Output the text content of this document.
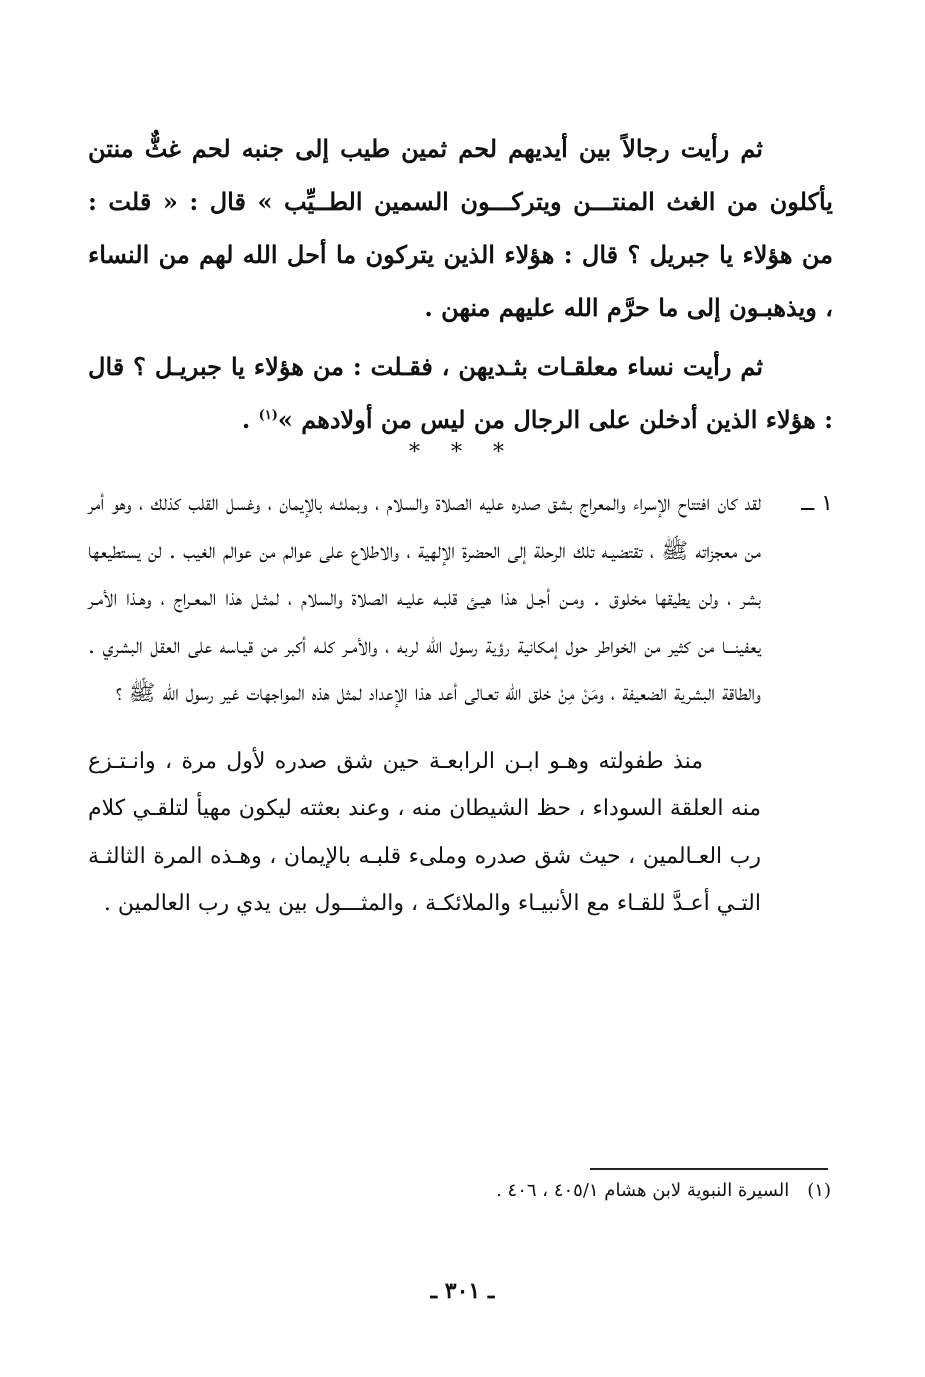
ثم رأيت رجالاً بين أيديهم لحم ثمين طيب إلى جنبه لحم غثٌّ منتن يأكلون من الغث المنتـــن ويتركـــون السمين الطــيِّب » قال : « قلت : من هؤلاء يا جبريل ؟ قال : هؤلاء الذين يتركون ما أحل الله لهم من النساء ، ويذهبـون إلى ما حرَّم الله عليهم منهن .

ثم رأيت نساء معلقـات بثـديهن ، فقـلت : من هؤلاء يا جبريـل ؟ قال : هؤلاء الذين أدخلن على الرجال من ليس من أولادهم »$^{(١)}$ .

* * *

١ ــ
لقد كان افتتاح الإسراء والمعراج بشق صدره عليه الصلاة والسلام ، وبملئـه بالإيمان ، وغسل القلب كذلك ، وهو أمر من معجزاته ﷺ ، تقتضيـه تلك الرحلة إلى الحضرة الإلهية ، والاطلاع على عوالم من عوالم الغيب . لن يستطيعها بشر ، ولن يطيقها مخلوق . ومـن أجـل هذا هيـئ قلبـه عليـه الصلاة والسلام ، لمثـل هذا المعـراج ، وهـذا الأمـر يعفينـــا من كثير من الخواطر حول إمكانية رؤية رسول الله لربه ، والأمـر كلـه أكبر من قيـاسه على العقل البشري . والطاقة البشرية الضعيفة ، ومَنْ مِنْ خلق الله تعـالى أعد هذا الإعداد لمثل هذه المواجهات غير رسول الله ﷺ ؟

منذ طفولته وهـو ابـن الرابعـة حين شق صدره لأول مرة ، وانـتـزع منه العلقة السوداء ، حظ الشيطان منه ، وعند بعثته ليكون مهيأ لتلقـي كلام رب العـالمين ، حيث شق صدره وملىء قلبـه بالإيمان ، وهـذه المرة الثالثـة التـي أعـدَّ للقـاء مع الأنبيـاء والملائكـة ، والمثـــول بين يدي رب العالمين .

(١)السيرة النبوية لابن هشام ٤٠٥/١ ، ٤٠٦ .
ـ ٣٠١ ـ
